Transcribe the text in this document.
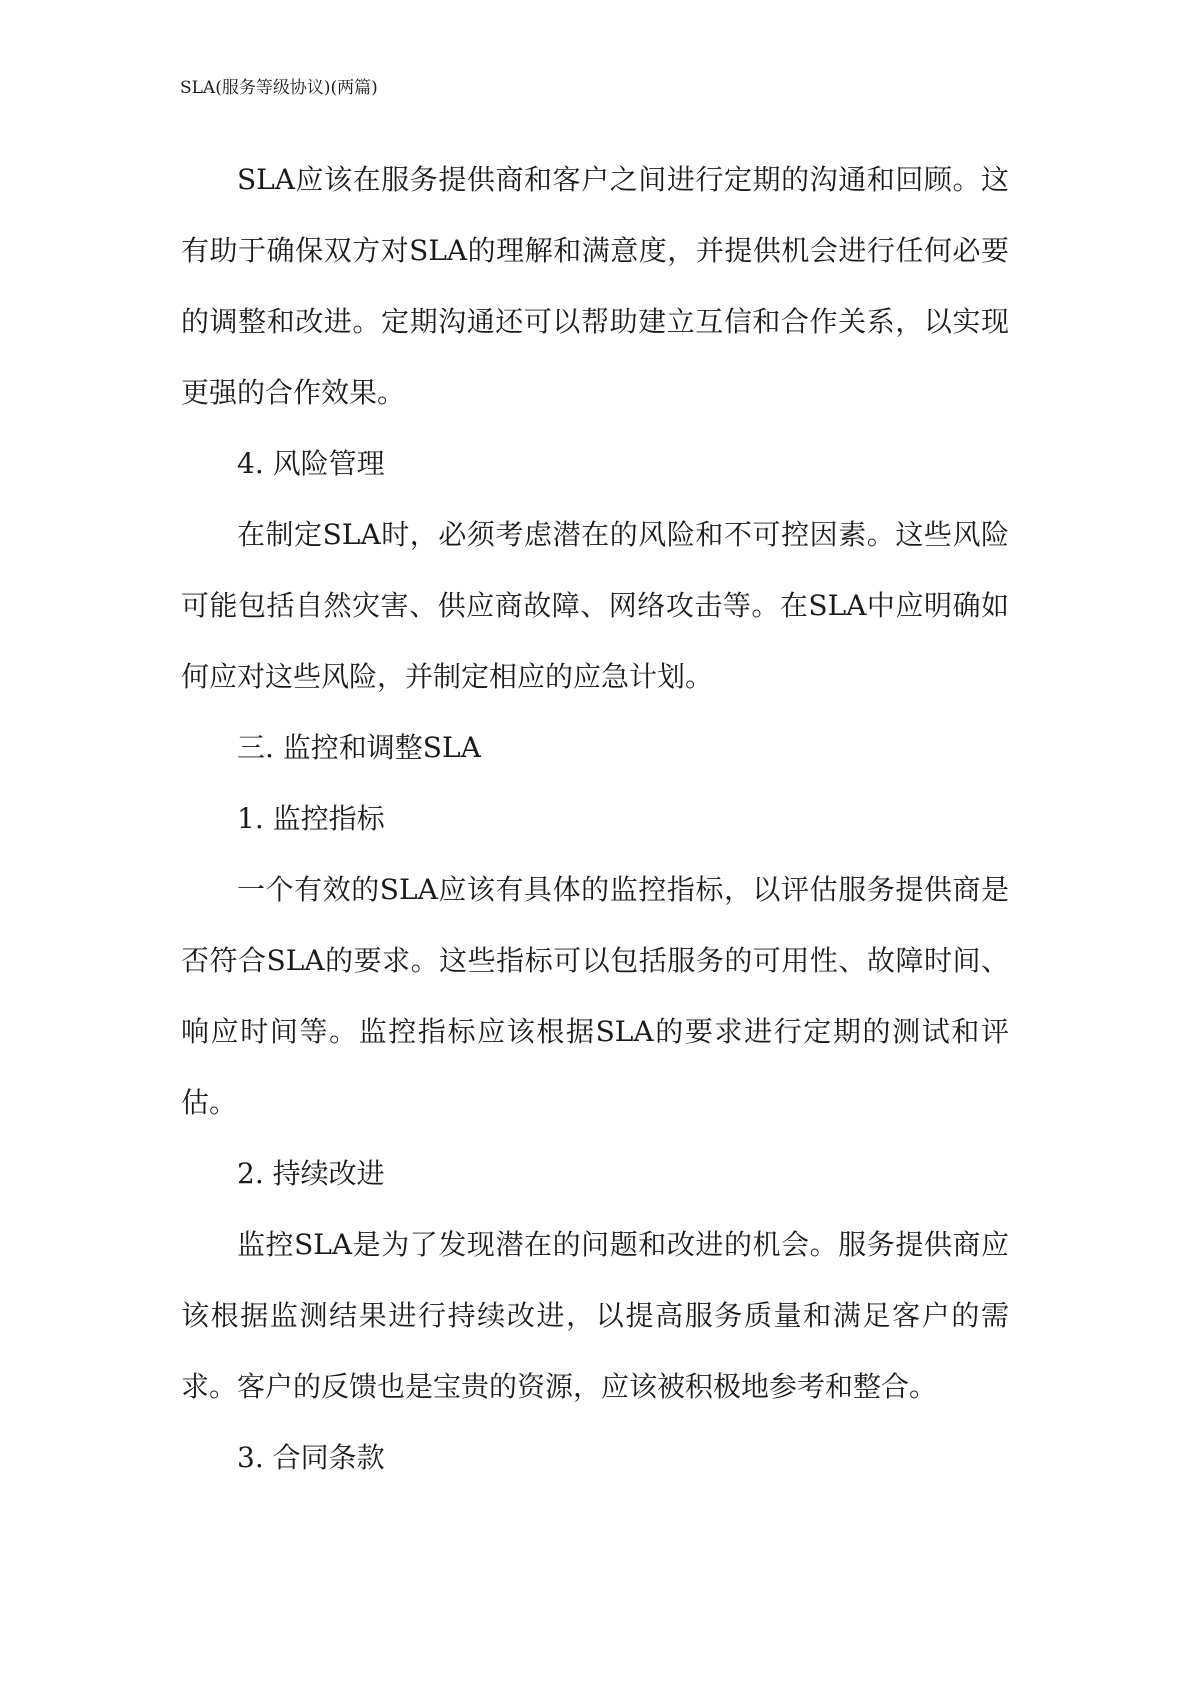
SLA(服务等级协议)(两篇)

SLA应该在服务提供商和客户之间进行定期的沟通和回顾。这有助于确保双方对SLA的理解和满意度，并提供机会进行任何必要的调整和改进。定期沟通还可以帮助建立互信和合作关系，以实现更强的合作效果。

4. 风险管理

在制定SLA时，必须考虑潜在的风险和不可控因素。这些风险可能包括自然灾害、供应商故障、网络攻击等。在SLA中应明确如何应对这些风险，并制定相应的应急计划。

三. 监控和调整SLA

1. 监控指标

一个有效的SLA应该有具体的监控指标，以评估服务提供商是否符合SLA的要求。这些指标可以包括服务的可用性、故障时间、响应时间等。监控指标应该根据SLA的要求进行定期的测试和评估。

2. 持续改进

监控SLA是为了发现潜在的问题和改进的机会。服务提供商应该根据监测结果进行持续改进，以提高服务质量和满足客户的需求。客户的反馈也是宝贵的资源，应该被积极地参考和整合。

3. 合同条款
